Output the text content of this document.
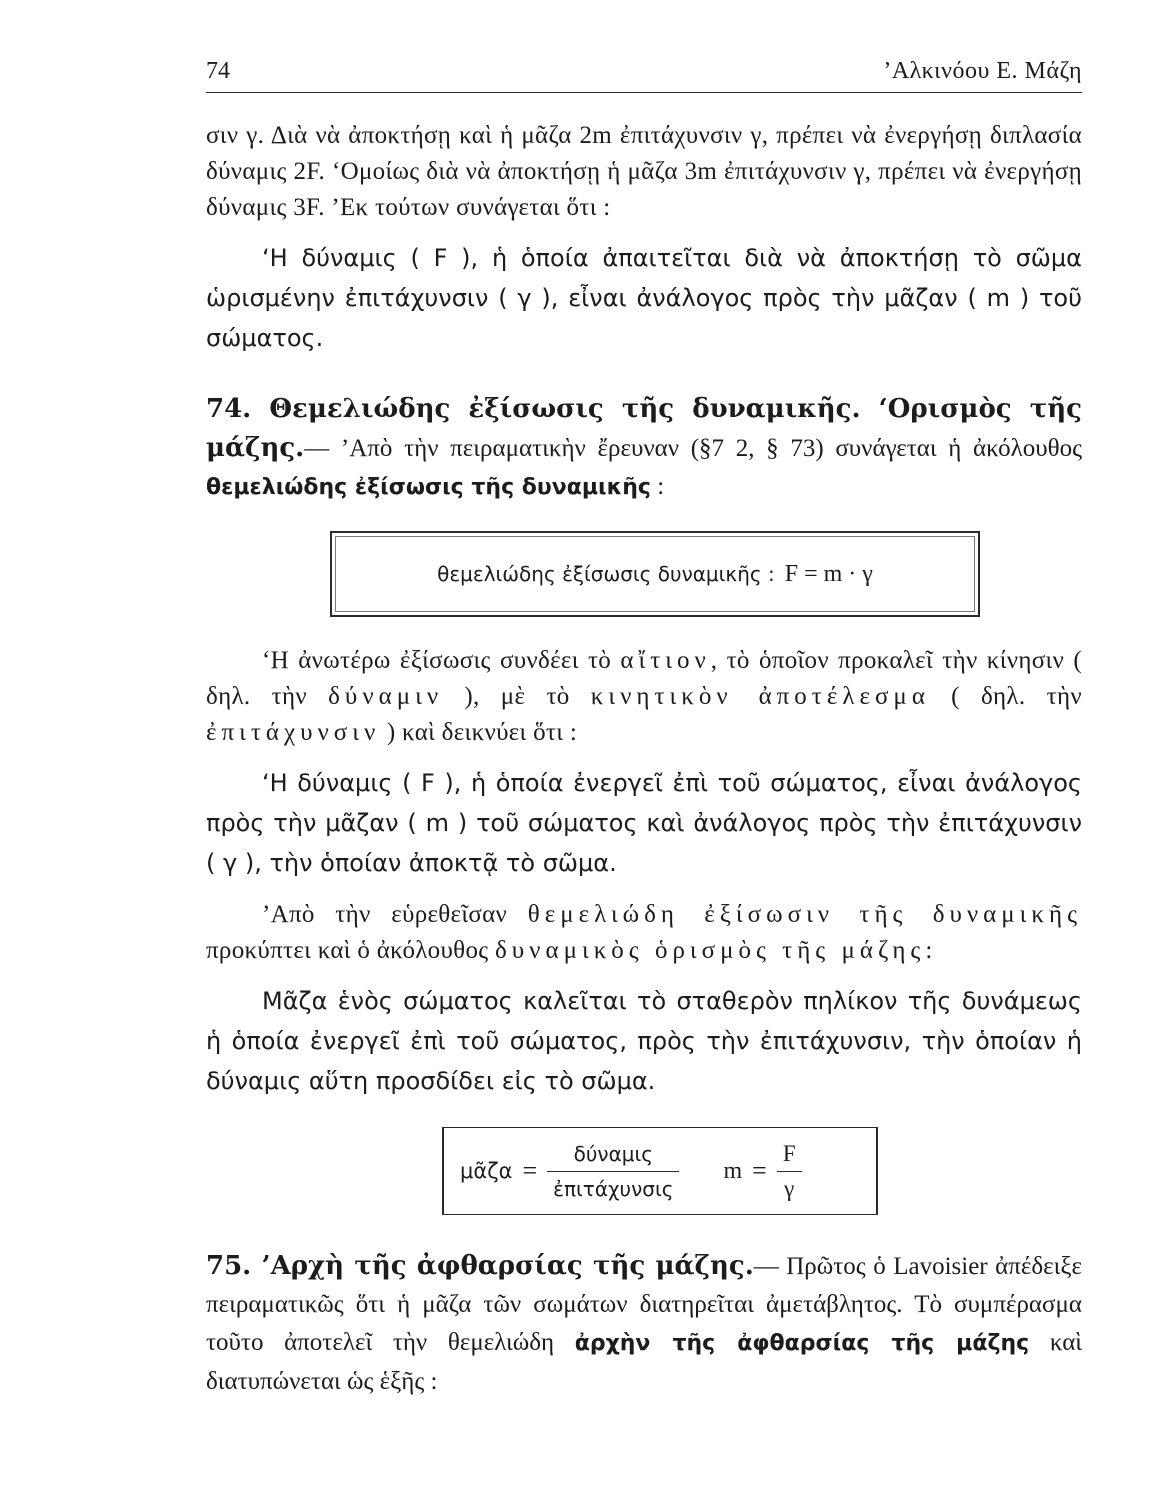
74	’Αλκινόου Ε. Μάζη

σιν γ. Διὰ νὰ ἀποκτήσῃ καὶ ἡ μᾶζα 2m ἐπιτάχυνσιν γ, πρέπει νὰ ἐνεργήσῃ διπλασία δύναμις 2F. ‘Ομοίως διὰ νὰ ἀποκτήσῃ ἡ μᾶζα 3m ἐπιτάχυνσιν γ, πρέπει νὰ ἐνεργήσῃ δύναμις 3F. ’Εκ τούτων συνάγεται ὅτι :

‘Η δύναμις ( F ), ἡ ὁποία ἀπαιτεῖται διὰ νὰ ἀποκτήσῃ τὸ σῶμα ὡρισμένην ἐπιτάχυνσιν ( γ ), εἶναι ἀνάλογος πρὸς τὴν μᾶζαν ( m ) τοῦ σώματος.

74. Θεμελιώδης ἐξίσωσις τῆς δυναμικῆς. ‘Ορισμὸς τῆς μάζης.— ’Απὸ τὴν πειραματικὴν ἔρευναν (§7 2, § 73) συνάγεται ἡ ἀκόλουθος θεμελιώδης ἐξίσωσις τῆς δυναμικῆς :

θεμελιώδης ἐξίσωσις δυναμικῆς : F = m · γ

‘Η ἀνωτέρω ἐξίσωσις συνδέει τὸ αἴτιον, τὸ ὁποῖον προκαλεῖ τὴν κίνησιν ( δηλ. τὴν δύναμιν ), μὲ τὸ κινητικὸν ἀποτέλεσμα ( δηλ. τὴν ἐπιτάχυνσιν ) καὶ δεικνύει ὅτι :

‘Η δύναμις ( F ), ἡ ὁποία ἐνεργεῖ ἐπὶ τοῦ σώματος, εἶναι ἀνάλογος πρὸς τὴν μᾶζαν ( m ) τοῦ σώματος καὶ ἀνάλογος πρὸς τὴν ἐπιτάχυνσιν ( γ ), τὴν ὁποίαν ἀποκτᾷ τὸ σῶμα.

’Απὸ τὴν εὑρεθεῖσαν θεμελιώδη ἐξίσωσιν τῆς δυναμικῆς προκύπτει καὶ ὁ ἀκόλουθος δυναμικὸς ὁρισμὸς τῆς μάζης:

Μᾶζα ἑνὸς σώματος καλεῖται τὸ σταθερὸν πηλίκον τῆς δυνάμεως ἡ ὁποία ἐνεργεῖ ἐπὶ τοῦ σώματος, πρὸς τὴν ἐπιτάχυνσιν, τὴν ὁποίαν ἡ δύναμις αὕτη προσδίδει εἰς τὸ σῶμα.

μᾶζα = $\frac{\text{δύναμις}}{\text{ἐπιτάχυνσις}}$ $m = \frac{F}{\gamma}$

75. ’Αρχὴ τῆς ἀφθαρσίας τῆς μάζης.— Πρῶτος ὁ Lavoisier ἀπέδειξε πειραματικῶς ὅτι ἡ μᾶζα τῶν σωμάτων διατηρεῖται ἀμετάβλητος. Τὸ συμπέρασμα τοῦτο ἀποτελεῖ τὴν θεμελιώδη ἀρχὴν τῆς ἀφθαρσίας τῆς μάζης καὶ διατυπώνεται ὡς ἑξῆς :
